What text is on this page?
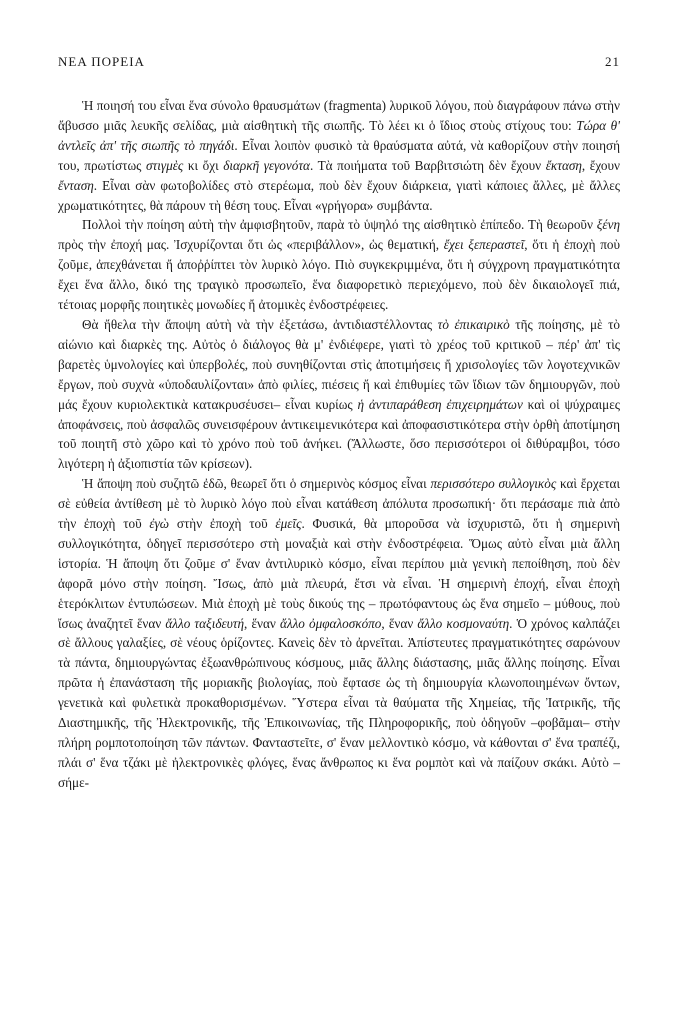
ΝΕΑ ΠΟΡΕΙΑ	21

Ἡ ποιησή του εἶναι ἕνα σύνολο θραυσμάτων (fragmenta) λυρικοῦ λόγου, ποὺ διαγράφουν πάνω στὴν ἄβυσσο μιᾶς λευκῆς σελίδας, μιὰ αἰσθητικὴ τῆς σιωπῆς. Τὸ λέει κι ὁ ἴδιος στοὺς στίχους του: Τώρα θ' ἀντλεῖς ἀπ' τῆς σιωπῆς τὸ πηγάδι. Εἶναι λοιπὸν φυσικὸ τὰ θραύσματα αὐτά, νὰ καθορίζουν στὴν ποιησή του, πρωτίστως στιγμὲς κι ὄχι διαρκῆ γεγονότα. Τὰ ποιήματα τοῦ Βαρβιτσιώτη δὲν ἔχουν ἔκταση, ἔχουν ἔνταση. Εἶναι σὰν φωτοβολίδες στὸ στερέωμα, ποὺ δὲν ἔχουν διάρκεια, γιατὶ κάποιες ἄλλες, μὲ ἄλλες χρωματικότητες, θὰ πάρουν τὴ θέση τους. Εἶναι «γρήγορα» συμβάντα.

Πολλοὶ τὴν ποίηση αὐτὴ τὴν ἀμφισβητοῦν, παρὰ τὸ ὑψηλό της αἰσθητικὸ ἐπίπεδο. Τὴ θεωροῦν ξένη πρὸς τὴν ἐποχή μας. Ἰσχυρίζονται ὅτι ὡς «περιβάλλον», ὡς θεματική, ἔχει ξεπεραστεῖ, ὅτι ἡ ἐποχὴ ποὺ ζοῦμε, ἀπεχθάνεται ἤ ἀποῤῥίπτει τὸν λυρικὸ λόγο. Πιὸ συγκεκριμμένα, ὅτι ἡ σύγχρονη πραγματικότητα ἔχει ἕνα ἄλλο, δικό της τραγικὸ προσωπεῖο, ἕνα διαφορετικὸ περιεχόμενο, ποὺ δὲν δικαιολογεῖ πιά, τέτοιας μορφῆς ποιητικὲς μονωδίες ἤ ἀτομικὲς ἐνδοστρέφειες.

Θὰ ἤθελα τὴν ἄποψη αὐτὴ νὰ τὴν ἐξετάσω, ἀντιδιαστέλλοντας τὸ ἐπικαιρικὸ τῆς ποίησης, μὲ τὸ αἰώνιο καὶ διαρκὲς της. Αὐτὸς ὁ διάλογος θὰ μ' ἐνδιέφερε, γιατὶ τὸ χρέος τοῦ κριτικοῦ – πέρ' ἀπ' τὶς βαρετὲς ὑμνολογίες καὶ ὑπερβολές, ποὺ συνηθίζονται στὶς ἀποτιμήσεις ἤ χρισολογίες τῶν λογοτεχνικῶν ἔργων, ποὺ συχνὰ «ὑποδαυλίζονται» ἀπὸ φιλίες, πιέσεις ἤ καὶ ἐπιθυμίες τῶν ἴδιων τῶν δημιουργῶν, ποὺ μάς ἔχουν κυριολεκτικὰ κατακρυσέυσει– εἶναι κυρίως ἡ ἀντιπαράθεση ἐπιχειρημάτων καὶ οἱ ψύχραιμες ἀποφάνσεις, ποὺ ἀσφαλῶς συνεισφέρουν ἀντικειμενικότερα καὶ ἀποφασιστικότερα στὴν ὀρθὴ ἀποτίμηση τοῦ ποιητῆ στὸ χῶρο καὶ τὸ χρόνο ποὺ τοῦ ἀνήκει. (Ἄλλωστε, ὅσο περισσότεροι οἱ διθύραμβοι, τόσο λιγότερη ἡ ἀξιοπιστία τῶν κρίσεων).

Ἡ ἄποψη ποὺ συζητῶ ἐδῶ, θεωρεῖ ὅτι ὁ σημερινὸς κόσμος εἶναι περισσότερο συλλογικὸς καὶ ἔρχεται σὲ εὐθεία ἀντίθεση μὲ τὸ λυρικὸ λόγο ποὺ εἶναι κατάθεση ἀπόλυτα προσωπική· ὅτι περάσαμε πιὰ ἀπὸ τὴν ἐποχὴ τοῦ ἐγὼ στὴν ἐποχὴ τοῦ ἐμεῖς. Φυσικά, θὰ μποροῦσα νὰ ἰσχυριστῶ, ὅτι ἡ σημερινὴ συλλογικότητα, ὁδηγεῖ περισσότερο στὴ μοναξιὰ καὶ στὴν ἐνδοστρέφεια. Ὅμως αὐτὸ εἶναι μιὰ ἄλλη ἱστορία. Ἡ ἄποψη ὅτι ζοῦμε σ' ἕναν ἀντιλυρικὸ κόσμο, εἶναι περίπου μιὰ γενικὴ πεποίθηση, ποὺ δὲν ἀφορᾶ μόνο στὴν ποίηση. Ἴσως, ἀπὸ μιὰ πλευρά, ἔτσι νὰ εἶναι. Ἡ σημερινὴ ἐποχή, εἶναι ἐποχὴ ἑτερόκλιτων ἐντυπώσεων. Μιὰ ἐποχὴ μὲ τοὺς δικούς της – πρωτόφαντους ὡς ἕνα σημεῖο – μύθους, ποὺ ἴσως ἀναζητεῖ ἕναν ἄλλο ταξιδευτή, ἕναν ἄλλο ὀμφαλοσκόπο, ἕναν ἄλλο κοσμοναύτη. Ὁ χρόνος καλπάζει σὲ ἄλλους γαλαξίες, σὲ νέους ὁρίζοντες. Κανεὶς δὲν τὸ ἀρνεῖται. Ἀπίστευτες πραγματικότητες σαρώνουν τὰ πάντα, δημιουργώντας ἐξωανθρώπινους κόσμους, μιᾶς ἄλλης διάστασης, μιᾶς ἄλλης ποίησης. Εἶναι πρῶτα ἡ ἐπανάσταση τῆς μοριακῆς βιολογίας, ποὺ ἔφτασε ὡς τὴ δημιουργία κλωνοποιημένων ὄντων, γενετικὰ καὶ φυλετικὰ προκαθορισμένων. Ὕστερα εἶναι τὰ θαύματα τῆς Χημείας, τῆς Ἰατρικῆς, τῆς Διαστημικῆς, τῆς Ἠλεκτρονικῆς, τῆς Ἐπικοινωνίας, τῆς Πληροφορικῆς, ποὺ ὁδηγοῦν –φοβᾶμαι– στὴν πλήρη ρομποτοποίηση τῶν πάντων. Φανταστεῖτε, σ' ἕναν μελλοντικὸ κόσμο, νὰ κάθονται σ' ἕνα τραπέζι, πλάι σ' ἕνα τζάκι μὲ ἠλεκτρονικὲς φλόγες, ἕνας ἄνθρωπος κι ἕνα ρομπὸτ καὶ νὰ παίζουν σκάκι. Αὐτὸ –σήμε-
